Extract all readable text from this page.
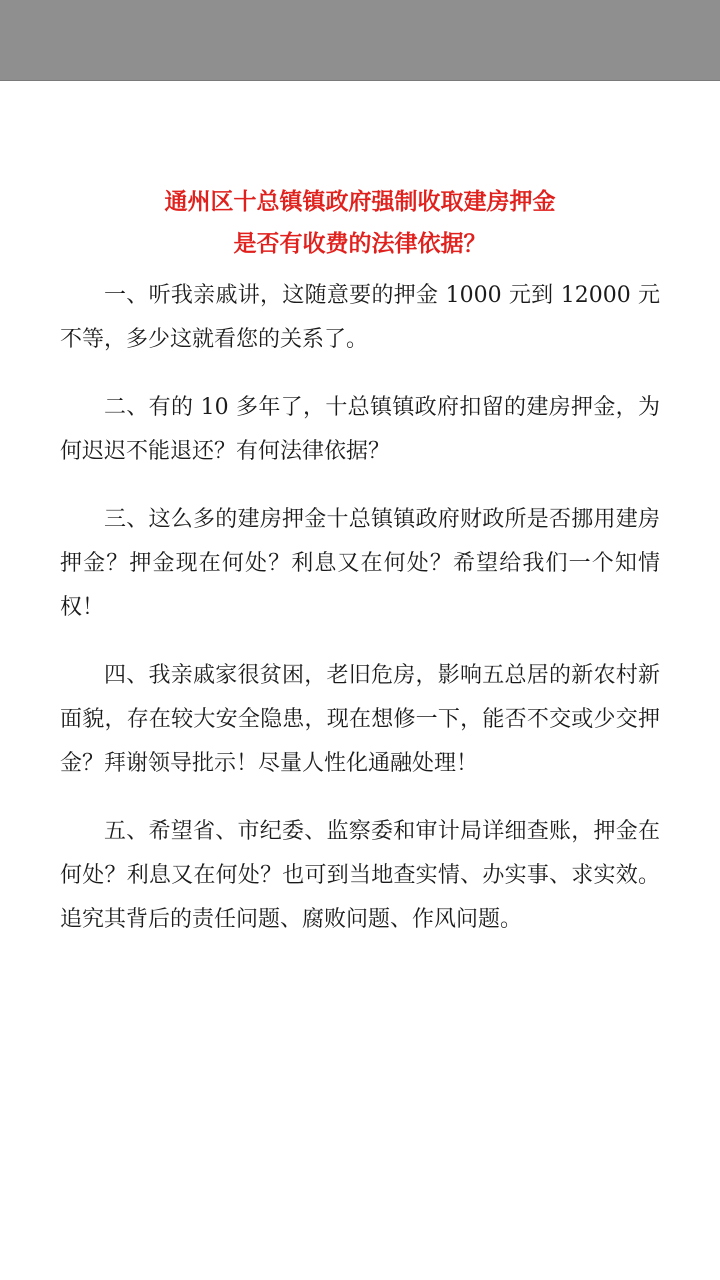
通州区十总镇镇政府强制收取建房押金

是否有收费的法律依据？

一、听我亲戚讲，这随意要的押金 1000 元到 12000 元不等，多少这就看您的关系了。

二、有的 10 多年了，十总镇镇政府扣留的建房押金，为何迟迟不能退还？有何法律依据？

三、这么多的建房押金十总镇镇政府财政所是否挪用建房押金？押金现在何处？利息又在何处？希望给我们一个知情权！

四、我亲戚家很贫困，老旧危房，影响五总居的新农村新面貌，存在较大安全隐患，现在想修一下，能否不交或少交押金？拜谢领导批示！尽量人性化通融处理！

五、希望省、市纪委、监察委和审计局详细查账，押金在何处？利息又在何处？也可到当地查实情、办实事、求实效。追究其背后的责任问题、腐败问题、作风问题。
